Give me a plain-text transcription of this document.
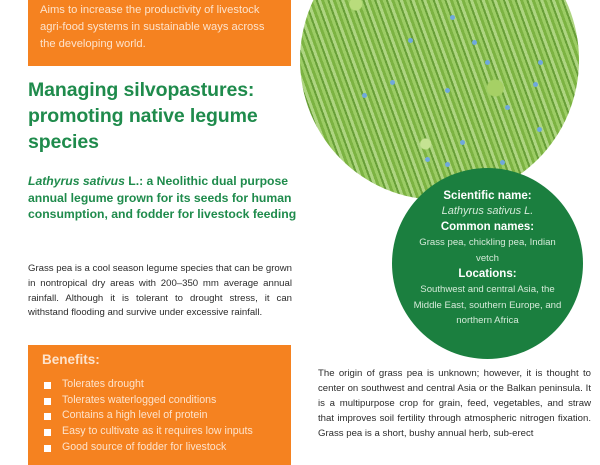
Aims to increase the productivity of livestock agri-food systems in sustainable ways across the developing world.
Managing silvopastures: promoting native legume species

Lathyrus sativus L.: a Neolithic dual purpose annual legume grown for its seeds for human consumption, and fodder for livestock feeding

Grass pea is a cool season legume species that can be grown in nontropical dry areas with 200–350 mm average annual rainfall. Although it is tolerant to drought stress, it can withstand flooding and survive under excessive rainfall.

Benefits:
Tolerates drought
Tolerates waterlogged conditions
Contains a high level of protein
Easy to cultivate as it requires low inputs
Good source of fodder for livestock
Scientific name:
Lathyrus sativus L.
Common names:
Grass pea, chickling pea, Indian vetch
Locations:
Southwest and central Asia, the Middle East, southern Europe, and northern Africa

The origin of grass pea is unknown; however, it is thought to center on southwest and central Asia or the Balkan peninsula. It is a multipurpose crop for grain, feed, vegetables, and straw that improves soil fertility through atmospheric nitrogen fixation. Grass pea is a short, bushy annual herb, sub-erect
